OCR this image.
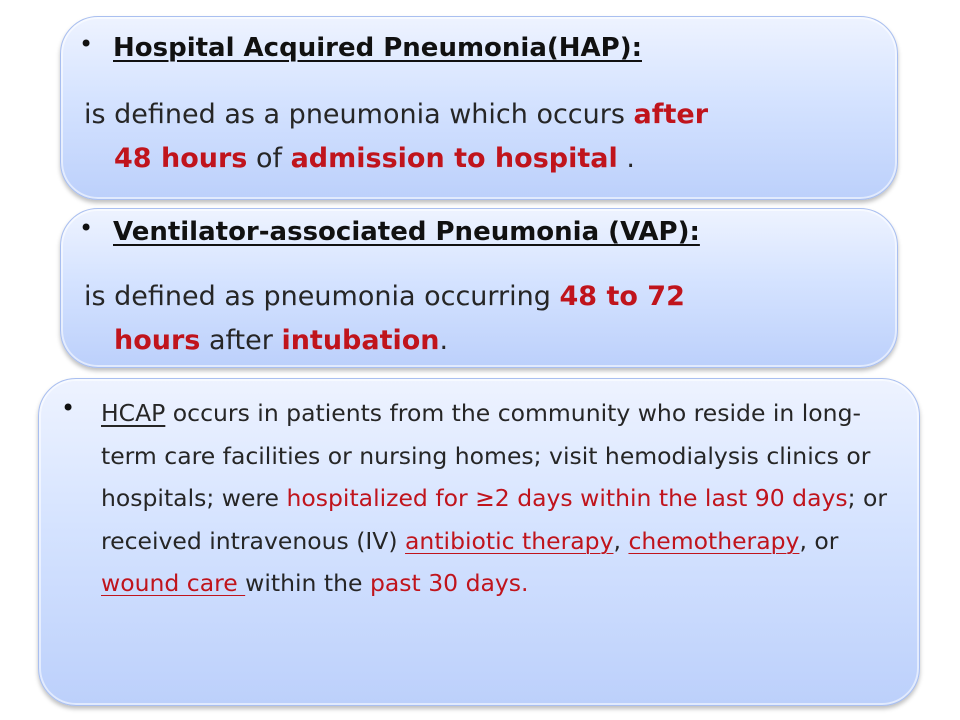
• Hospital Acquired Pneumonia(HAP):
is defined as a pneumonia which occurs after
48 hours of admission to hospital .
• Ventilator-associated Pneumonia (VAP):
is defined as pneumonia occurring 48 to 72
hours after intubation.
• HCAP occurs in patients from the community who reside in long-term care facilities or nursing homes; visit hemodialysis clinics or hospitals; were hospitalized for ≥2 days within the last 90 days; or received intravenous (IV) antibiotic therapy, chemotherapy, or wound care within the past 30 days.
